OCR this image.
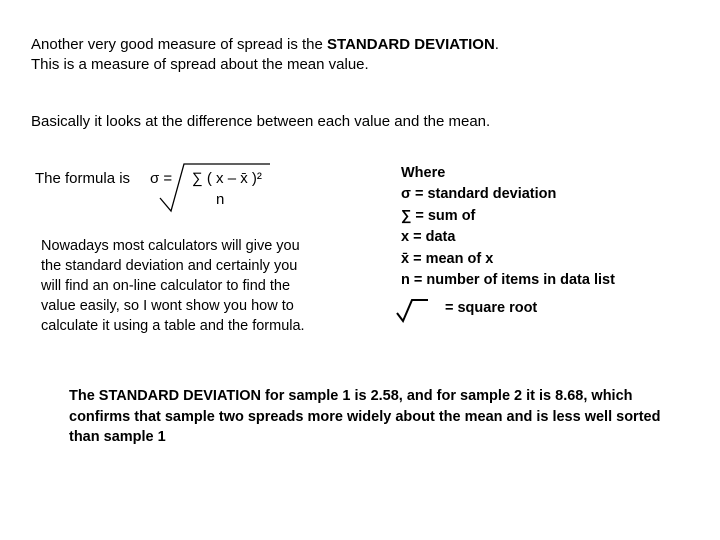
Another very good measure of spread is the STANDARD DEVIATION.
This is a measure of spread about the mean value.
Basically it looks at the difference between each value and the mean.
The formula is σ = ∑ ( x – x̄ )²
n
Nowadays most calculators will give you the standard deviation and certainly you will find an on-line calculator to find the value easily, so I wont show you how to calculate it using a table and the formula.
Where
σ = standard deviation
∑ = sum of
x = data
x̄ = mean of x
n = number of items in data list
= square root
The STANDARD DEVIATION for sample 1 is 2.58, and for sample 2 it is 8.68, which confirms that sample two spreads more widely about the mean and is less well sorted than sample 1
